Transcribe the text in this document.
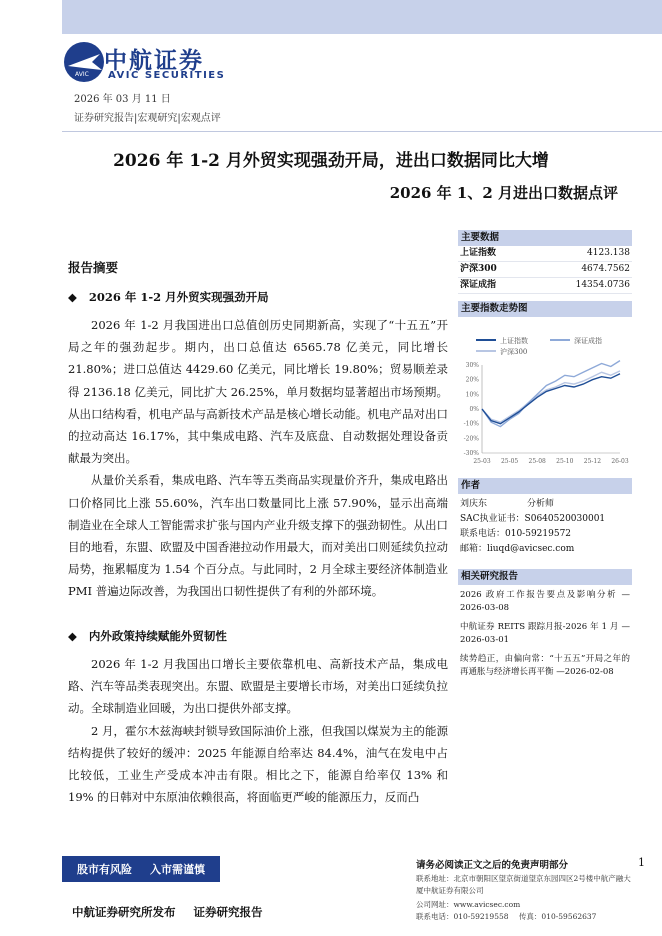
AVIC
中航证券
AVIC SECURITIES
2026 年 03 月 11 日
证券研究报告|宏观研究|宏观点评
2026 年 1-2 月外贸实现强劲开局，进出口数据同比大增
2026 年 1、2 月进出口数据点评
报告摘要
◆ 2026 年 1-2 月外贸实现强劲开局

2026 年 1-2 月我国进出口总值创历史同期新高，实现了“十五五”开局之年的强劲起步。期内，出口总值达 6565.78 亿美元，同比增长 21.80%；进口总值达 4429.60 亿美元，同比增长 19.80%；贸易顺差录得 2136.18 亿美元，同比扩大 26.25%，单月数据均显著超出市场预期。从出口结构看，机电产品与高新技术产品是核心增长动能。机电产品对出口的拉动高达 16.17%，其中集成电路、汽车及底盘、自动数据处理设备贡献最为突出。

从量价关系看，集成电路、汽车等五类商品实现量价齐升，集成电路出口价格同比上涨 55.60%，汽车出口数量同比上涨 57.90%，显示出高端制造业在全球人工智能需求扩张与国内产业升级支撑下的强劲韧性。从出口目的地看，东盟、欧盟及中国香港拉动作用最大，而对美出口则延续负拉动局势，拖累幅度为 1.54 个百分点。与此同时，2 月全球主要经济体制造业 PMI 普遍边际改善，为我国出口韧性提供了有利的外部环境。

◆ 内外政策持续赋能外贸韧性

2026 年 1-2 月我国出口增长主要依靠机电、高新技术产品，集成电路、汽车等品类表现突出。东盟、欧盟是主要增长市场，对美出口延续负拉动。全球制造业回暖，为出口提供外部支撑。

2 月，霍尔木兹海峡封锁导致国际油价上涨，但我国以煤炭为主的能源结构提供了较好的缓冲：2025 年能源自给率达 84.4%，油气在发电中占比较低，工业生产受成本冲击有限。相比之下，能源自给率仅 13% 和 19% 的日韩对中东原油依赖很高，将面临更严峻的能源压力，反而凸

主要数据
上证指数	4123.138
沪深300	4674.7562
深证成指	14354.0736
主要指数走势图
上证指数	深证成指
沪深300
30%
20%
10%
0%
-10%
-20%
-30%
25-03 25-05 25-08 25-10 25-12 26-03
作者
刘庆东	分析师
SAC执业证书：S0640520030001
联系电话：010-59219572
邮箱：liuqd@avicsec.com
相关研究报告
2026 政府工作报告要点及影响分析 —2026-03-08
中航证券 REITS 跟踪月报-2026 年 1 月 —2026-03-01
续势趋正，由偏向常：“十五五”开局之年的再通胀与经济增长再平衡 —2026-02-08
股市有风险 入市需谨慎
中航证券研究所发布 证券研究报告
请务必阅读正文之后的免责声明部分
联系地址：北京市朝阳区望京街道望京东园四区2号楼中航产融大厦中航证券有限公司
公司网址：www.avicsec.com
联系电话：010-59219558 传真：010-59562637
1
